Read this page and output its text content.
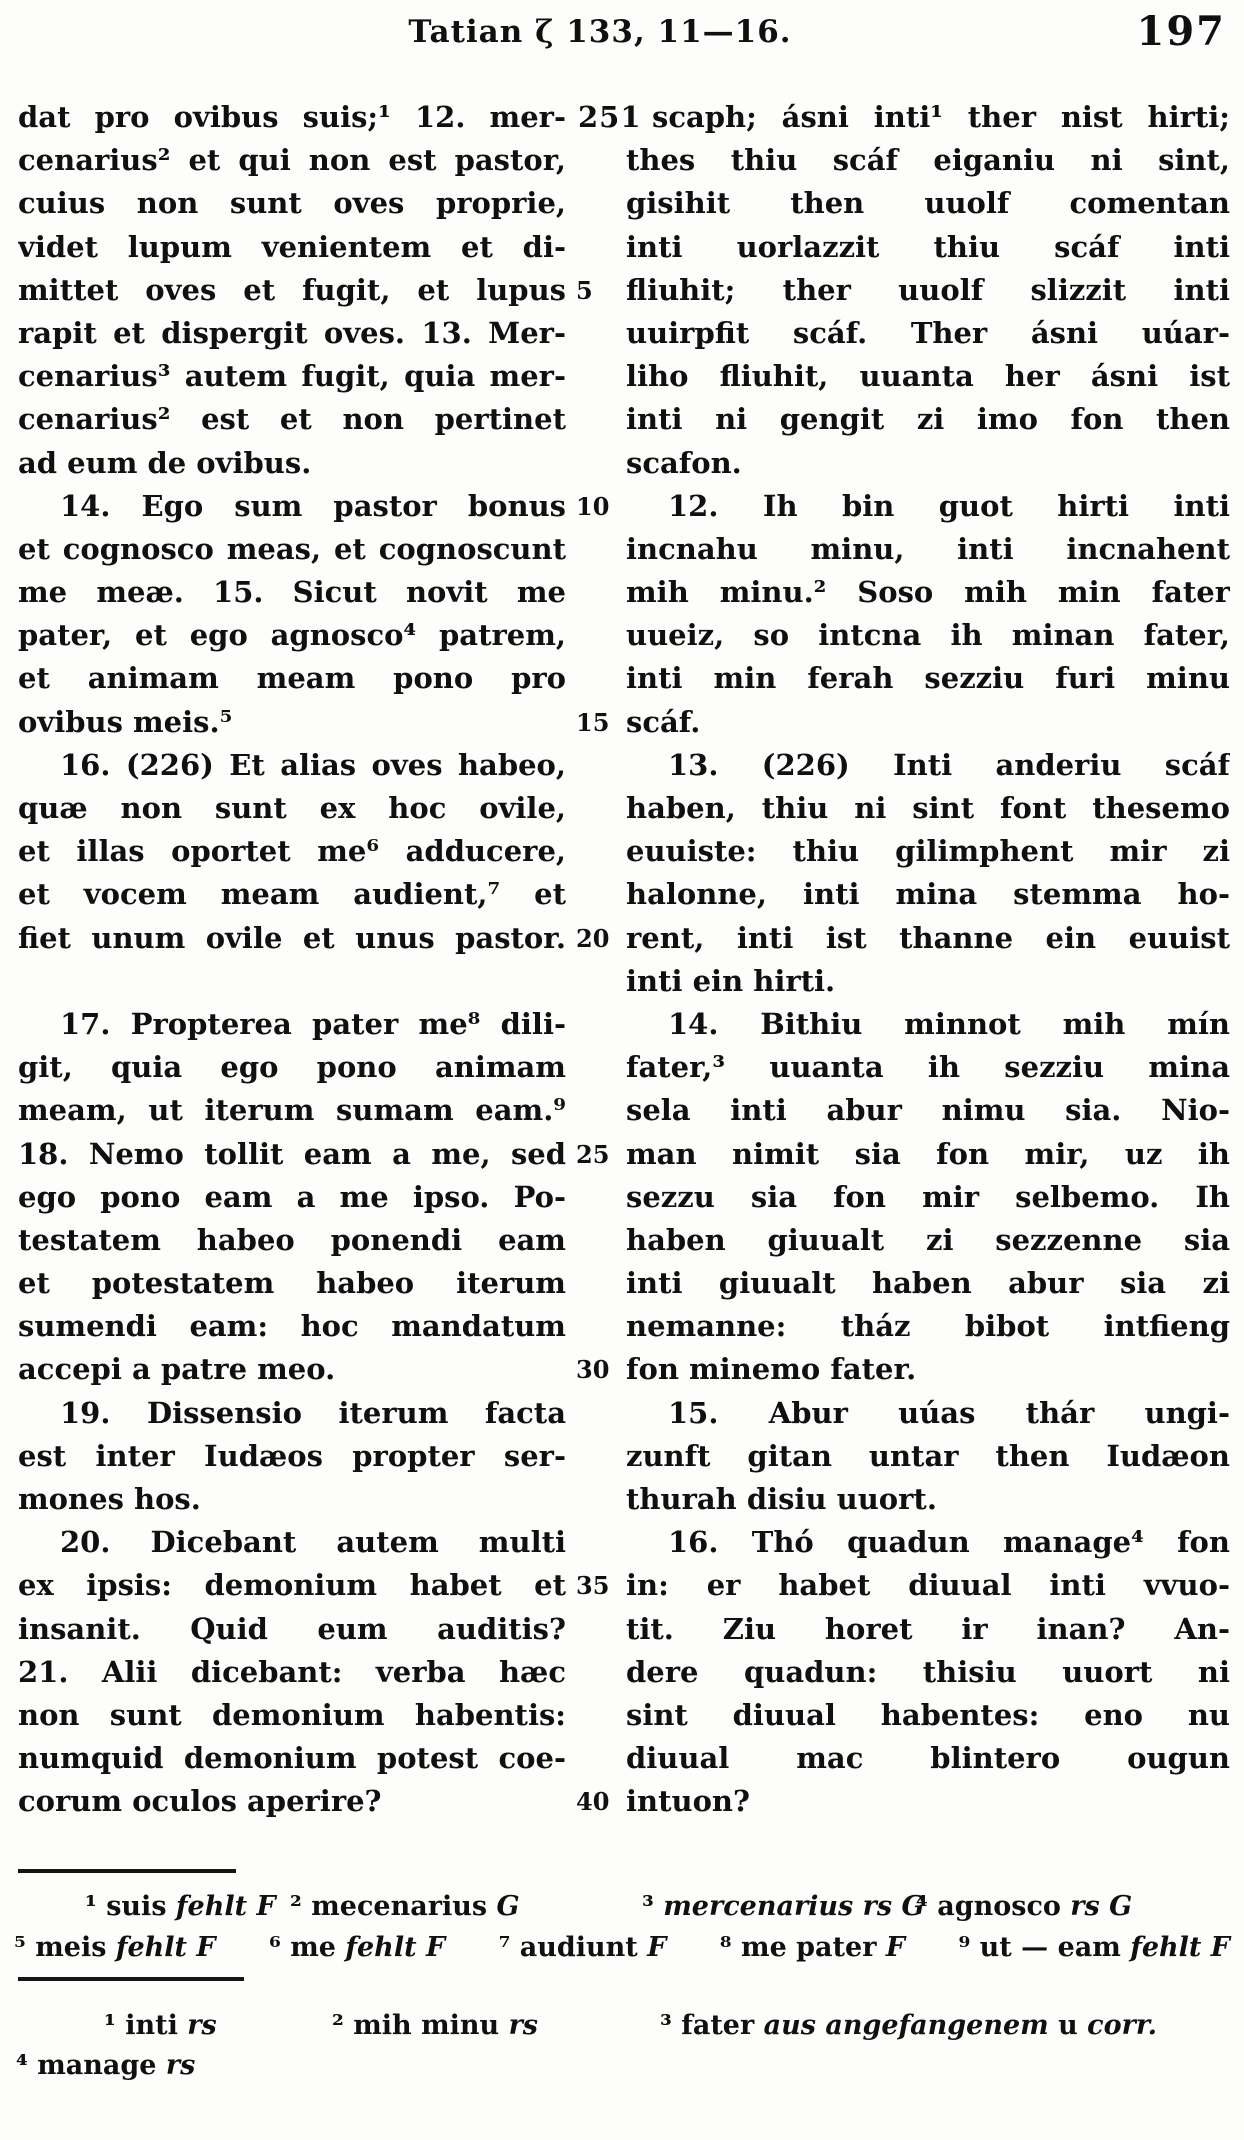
Tatian ζ 133, 11—16.	197
dat pro ovibus suis;¹ 12. mer- 251 scaph; ásni inti¹ ther nist hirti;
cenarius² et qui non est pastor, thes thiu scáf eiganiu ni sint,
cuius non sunt oves proprie, gisihit then uuolf comentan
videt lupum venientem et di- inti uorlazzit thiu scáf inti
mittet oves et fugit, et lupus 5	fliuhit; ther uuolf slizzit inti
rapit et dispergit oves. 13. Mer- uuirpfit scáf. Ther ásni uúar-
cenarius³ autem fugit, quia mer- liho fliuhit, uuanta her ásni ist
cenarius² est et non pertinet inti ni gengit zi imo fon then
ad eum de ovibus.	scafon.
14. Ego sum pastor bonus 10	12. Ih bin guot hirti inti
et cognosco meas, et cognoscunt incnahu minu, inti incnahent
me meæ. 15. Sicut novit me mih minu.² Soso mih min fater
pater, et ego agnosco⁴ patrem, uueiz, so intcna ih minan fater,
et animam meam pono pro inti min ferah sezziu furi minu
ovibus meis.⁵	15 scáf.
16. (226) Et alias oves habeo,	13. (226) Inti anderiu scáf
quæ non sunt ex hoc ovile, haben, thiu ni sint font thesemo
et illas oportet me⁶ adducere, euuiste: thiu gilimphent mir zi
et vocem meam audient,⁷ et halonne, inti mina stemma ho-
fiet unum ovile et unus pastor. 20 rent, inti ist thanne ein euuist
inti ein hirti.
17. Propterea pater me⁸ dili-	14. Bithiu minnot mih mín
git, quia ego pono animam fater,³ uuanta ih sezziu mina
meam, ut iterum sumam eam.⁹ sela inti abur nimu sia. Nio-
18. Nemo tollit eam a me, sed 25 man nimit sia fon mir, uz ih
ego pono eam a me ipso. Po- sezzu sia fon mir selbemo. Ih
testatem habeo ponendi eam haben giuualt zi sezzenne sia
et potestatem habeo iterum inti giuualt haben abur sia zi
sumendi eam: hoc mandatum nemanne: tház bibot intfieng
accepi a patre meo.	30 fon minemo fater.
19. Dissensio iterum facta	15. Abur uúas thár ungi-
est inter Iudæos propter ser- zunft gitan untar then Iudæon
mones hos.	thurah disiu uuort.
20. Dicebant autem multi	16. Thó quadun manage⁴ fon
ex ipsis: demonium habet et 35 in: er habet diuual inti vvuo-
insanit. Quid eum auditis? tit. Ziu horet ir inan? An-
21. Alii dicebant: verba hæc dere quadun: thisiu uuort ni
non sunt demonium habentis: sint diuual habentes: eno nu
numquid demonium potest coe- diuual mac blintero ougun
corum oculos aperire?	40 intuon?
¹ suis fehlt F ² mecenarius G	³ mercenarius rs G
⁴ agnosco rs G
⁵ meis fehlt F ⁶ me fehlt F ⁷ audiunt F ⁸ me pater F ⁹ ut — eam fehlt F
¹ inti rs	² mih minu rs	³ fater aus angefangenem u corr.
⁴ manage rs
